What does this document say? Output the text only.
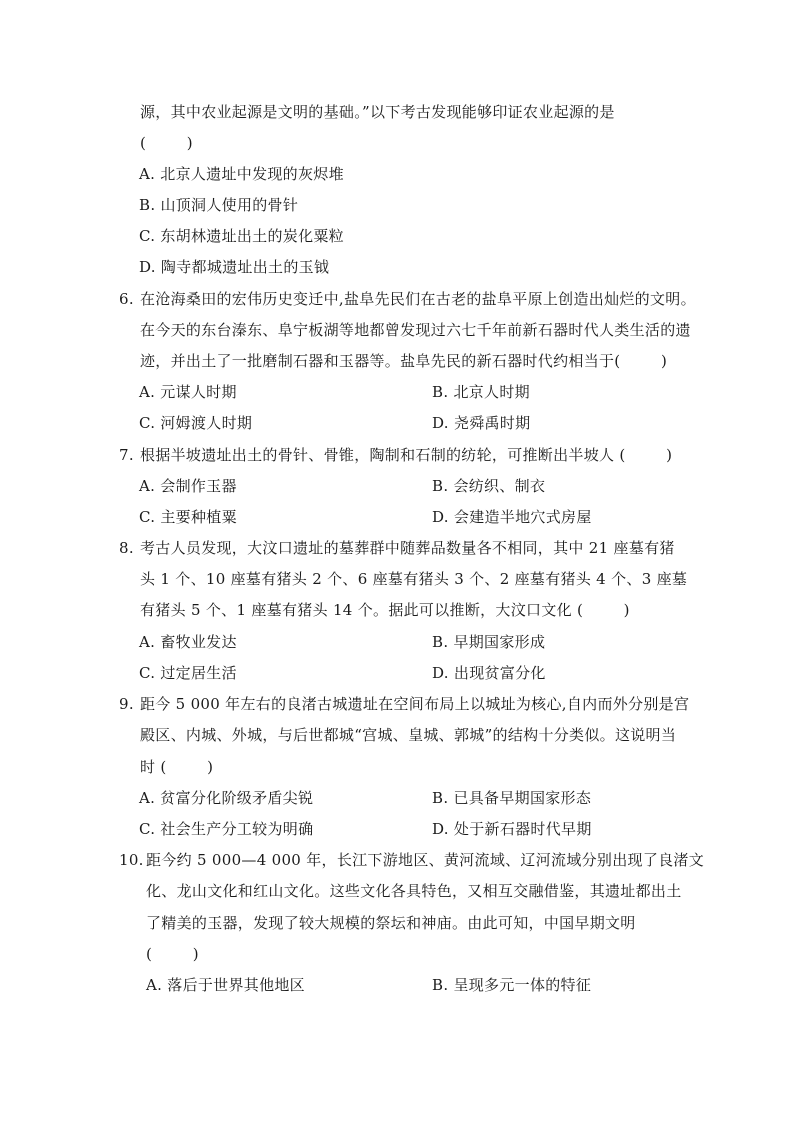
源，其中农业起源是文明的基础。”以下考古发现能够印证农业起源的是
(        )
A. 北京人遗址中发现的灰烬堆
B. 山顶洞人使用的骨针
C. 东胡林遗址出土的炭化粟粒
D. 陶寺都城遗址出土的玉钺
6. 在沧海桑田的宏伟历史变迁中,盐阜先民们在古老的盐阜平原上创造出灿烂的文明。
在今天的东台溱东、阜宁板湖等地都曾发现过六七千年前新石器时代人类生活的遗
迹，并出土了一批磨制石器和玉器等。盐阜先民的新石器时代约相当于(        )
A. 元谋人时期	B. 北京人时期
C. 河姆渡人时期	D. 尧舜禹时期
7. 根据半坡遗址出土的骨针、骨锥，陶制和石制的纺轮，可推断出半坡人 (        )
A. 会制作玉器	B. 会纺织、制衣
C. 主要种植粟	D. 会建造半地穴式房屋
8. 考古人员发现，大汶口遗址的墓葬群中随葬品数量各不相同，其中 21 座墓有猪
头 1 个、10 座墓有猪头 2 个、6 座墓有猪头 3 个、2 座墓有猪头 4 个、3 座墓
有猪头 5 个、1 座墓有猪头 14 个。据此可以推断，大汶口文化 (        )
A. 畜牧业发达	B. 早期国家形成
C. 过定居生活	D. 出现贫富分化
9. 距今 5 000 年左右的良渚古城遗址在空间布局上以城址为核心,自内而外分别是宫
殿区、内城、外城，与后世都城“宫城、皇城、郭城”的结构十分类似。这说明当
时 (        )
A. 贫富分化阶级矛盾尖锐	B. 已具备早期国家形态
C. 社会生产分工较为明确	D. 处于新石器时代早期
10. 距今约 5 000—4 000 年，长江下游地区、黄河流域、辽河流域分别出现了良渚文
化、龙山文化和红山文化。这些文化各具特色，又相互交融借鉴，其遗址都出土
了精美的玉器，发现了较大规模的祭坛和神庙。由此可知，中国早期文明
(        )
A. 落后于世界其他地区	B. 呈现多元一体的特征
